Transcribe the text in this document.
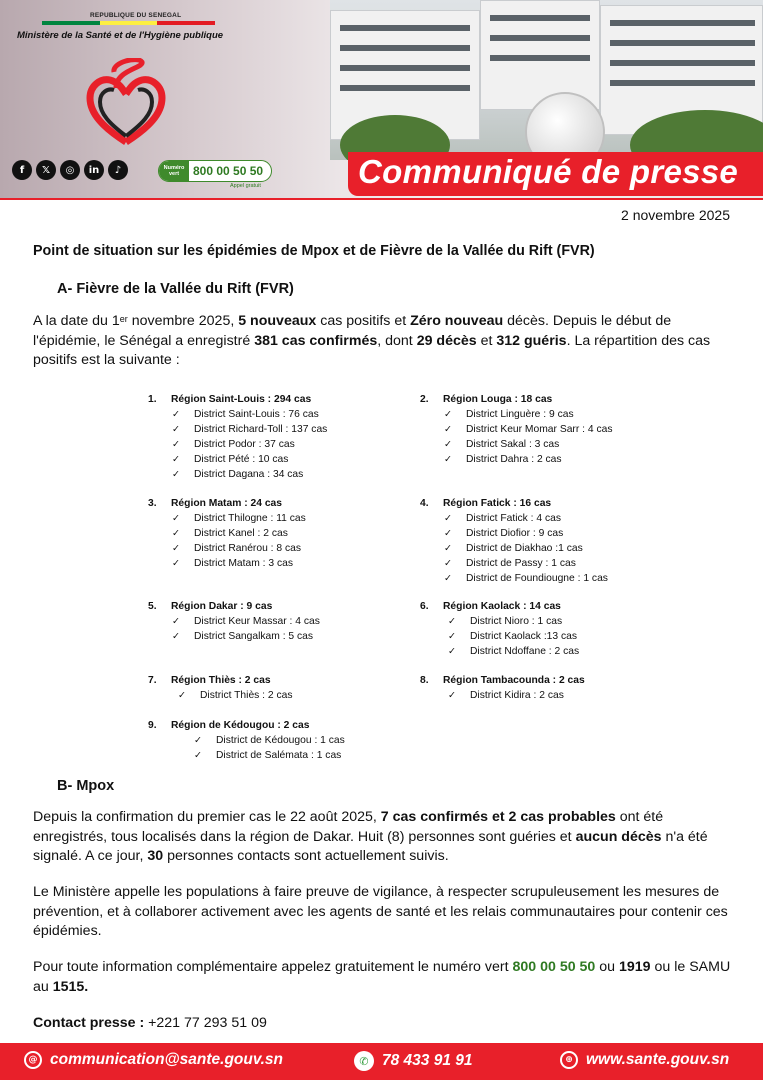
REPUBLIQUE DU SENEGAL
Ministère de la Santé et de l'Hygiène publique
f	𝕏	◎	in	♪	Numéro vert	800 00 50 50
Appel gratuit	Communiqué de presse
2 novembre 2025
Point de situation sur les épidémies de Mpox et de Fièvre de la Vallée du Rift (FVR)
A- Fièvre de la Vallée du Rift (FVR)
A la date du 1er novembre 2025, 5 nouveaux cas positifs et Zéro nouveau décès. Depuis le début de l'épidémie, le Sénégal a enregistré 381 cas confirmés, dont 29 décès et 312 guéris. La répartition des cas positifs est la suivante :
1.	Région Saint-Louis : 294 cas
✓	District Saint-Louis : 76 cas
✓	District Richard-Toll : 137 cas
✓	District Podor : 37 cas
✓	District Pété : 10 cas
✓	District Dagana : 34 cas
2.	Région Louga : 18 cas
✓	District Linguère : 9 cas
✓	District Keur Momar Sarr : 4 cas
✓	District Sakal : 3 cas
✓	District Dahra : 2 cas
3.	Région Matam : 24 cas
✓	District Thilogne : 11 cas
✓	District Kanel : 2 cas
✓	District Ranérou : 8 cas
✓	District Matam : 3 cas
4.	Région Fatick : 16 cas
✓	District Fatick : 4 cas
✓	District Diofior : 9 cas
✓	District de Diakhao :1 cas
✓	District de Passy : 1 cas
✓	District de Foundiougne : 1 cas
5.	Région Dakar : 9 cas
✓	District Keur Massar : 4 cas
✓	District Sangalkam : 5 cas
6.	Région Kaolack : 14 cas
✓	District Nioro : 1 cas
✓	District Kaolack :13 cas
✓	District Ndoffane : 2 cas
7.	Région Thiès : 2 cas
✓	District Thiès : 2 cas
8.	Région Tambacounda : 2 cas
✓	District Kidira : 2 cas
9.	Région de Kédougou : 2 cas
✓	District de Kédougou : 1 cas
✓	District de Salémata : 1 cas
B- Mpox
Depuis la confirmation du premier cas le 22 août 2025, 7 cas confirmés et 2 cas probables ont été enregistrés, tous localisés dans la région de Dakar. Huit (8) personnes sont guéries et aucun décès n'a été signalé. A ce jour, 30 personnes contacts sont actuellement suivis.
Le Ministère appelle les populations à faire preuve de vigilance, à respecter scrupuleusement les mesures de prévention, et à collaborer activement avec les agents de santé et les relais communautaires pour contenir ces épidémies.
Pour toute information complémentaire appelez gratuitement le numéro vert 800 00 50 50 ou 1919 ou le SAMU au 1515.
Contact presse : +221 77 293 51 09
@ communication@sante.gouv.sn	✆ 78 433 91 91	⊕ www.sante.gouv.sn
